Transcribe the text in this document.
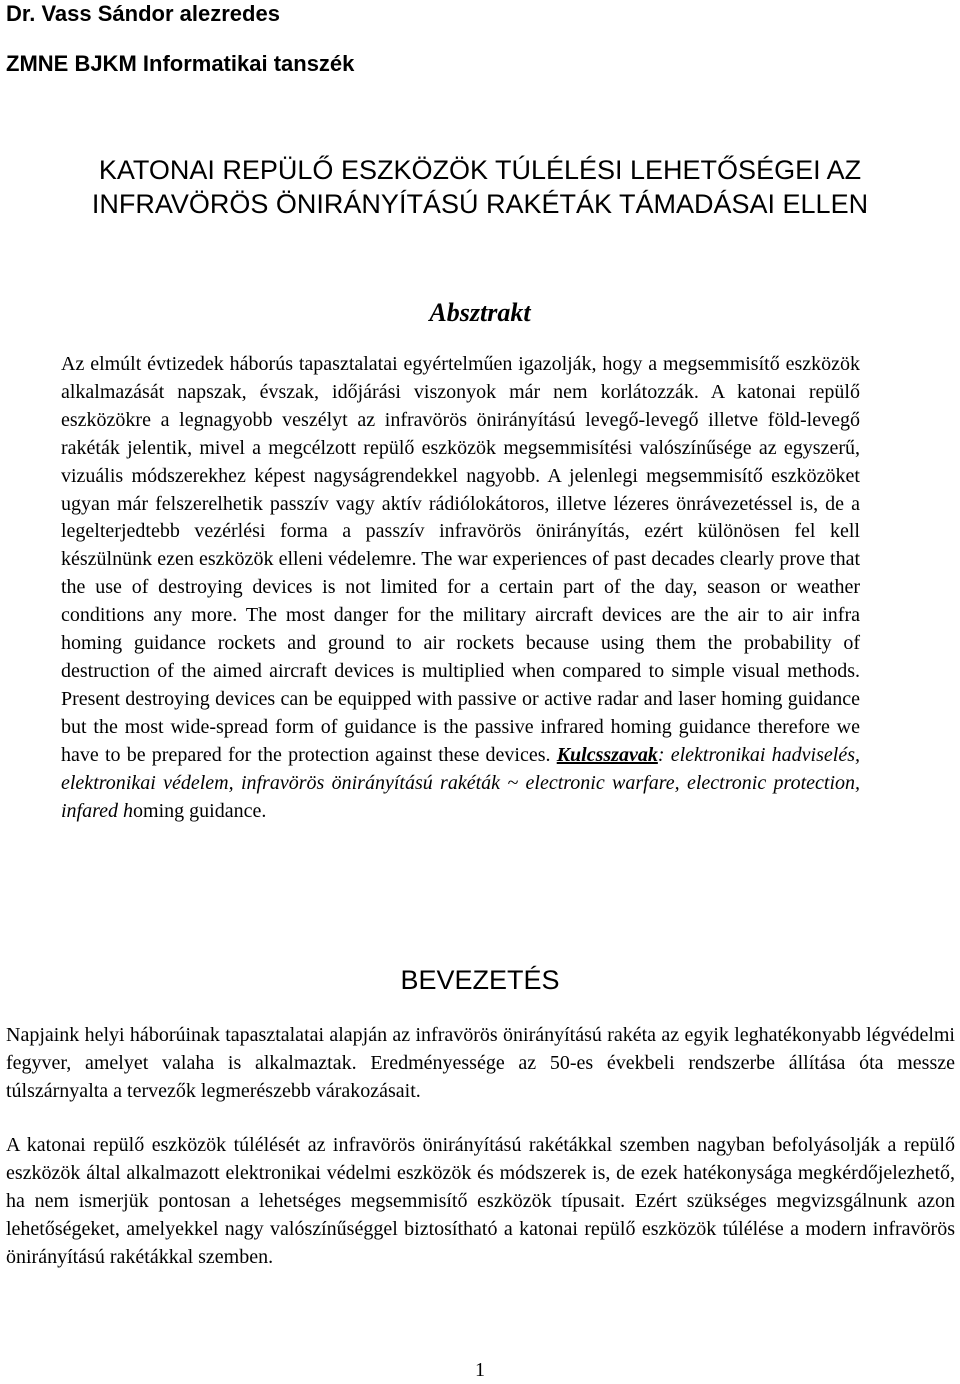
Dr. Vass Sándor alezredes
ZMNE BJKM Informatikai tanszék
KATONAI REPÜLŐ ESZKÖZÖK TÚLÉLÉSI LEHETŐSÉGEI AZ
INFRAVÖRÖS ÖNIRÁNYÍTÁSÚ RAKÉTÁK TÁMADÁSAI ELLEN
Absztrakt

Az elmúlt évtizedek háborús tapasztalatai egyértelműen igazolják, hogy a megsemmisítő eszközök alkalmazását napszak, évszak, időjárási viszonyok már nem korlátozzák. A katonai repülő eszközökre a legnagyobb veszélyt az infravörös önirányítású levegő-levegő illetve föld-levegő rakéták jelentik, mivel a megcélzott repülő eszközök megsemmisítési valószínűsége az egyszerű, vizuális módszerekhez képest nagyságrendekkel nagyobb. A jelenlegi megsemmisítő eszközöket ugyan már felszerelhetik passzív vagy aktív rádiólokátoros, illetve lézeres önrávezetéssel is, de a legelterjedtebb vezérlési forma a passzív infravörös önirányítás, ezért különösen fel kell készülnünk ezen eszközök elleni védelemre. The war experiences of past decades clearly prove that the use of destroying devices is not limited for a certain part of the day, season or weather conditions any more. The most danger for the military aircraft devices are the air to air infra homing guidance rockets and ground to air rockets because using them the probability of destruction of the aimed aircraft devices is multiplied when compared to simple visual methods. Present destroying devices can be equipped with passive or active radar and laser homing guidance but the most wide-spread form of guidance is the passive infrared homing guidance therefore we have to be prepared for the protection against these devices. Kulcsszavak: elektronikai hadviselés, elektronikai védelem, infravörös önirányítású rakéták ~ electronic warfare, electronic protection, infared homing guidance.

BEVEZETÉS
Napjaink helyi háborúinak tapasztalatai alapján az infravörös önirányítású rakéta az egyik leghatékonyabb légvédelmi fegyver, amelyet valaha is alkalmaztak. Eredményessége az 50-es évekbeli rendszerbe állítása óta messze túlszárnyalta a tervezők legmerészebb várakozásait.
A katonai repülő eszközök túlélését az infravörös önirányítású rakétákkal szemben nagyban befolyásolják a repülő eszközök által alkalmazott elektronikai védelmi eszközök és módszerek is, de ezek hatékonysága megkérdőjelezhető, ha nem ismerjük pontosan a lehetséges megsemmisítő eszközök típusait. Ezért szükséges megvizsgálnunk azon lehetőségeket, amelyekkel nagy valószínűséggel biztosítható a katonai repülő eszközök túlélése a modern infravörös önirányítású rakétákkal szemben.
1
